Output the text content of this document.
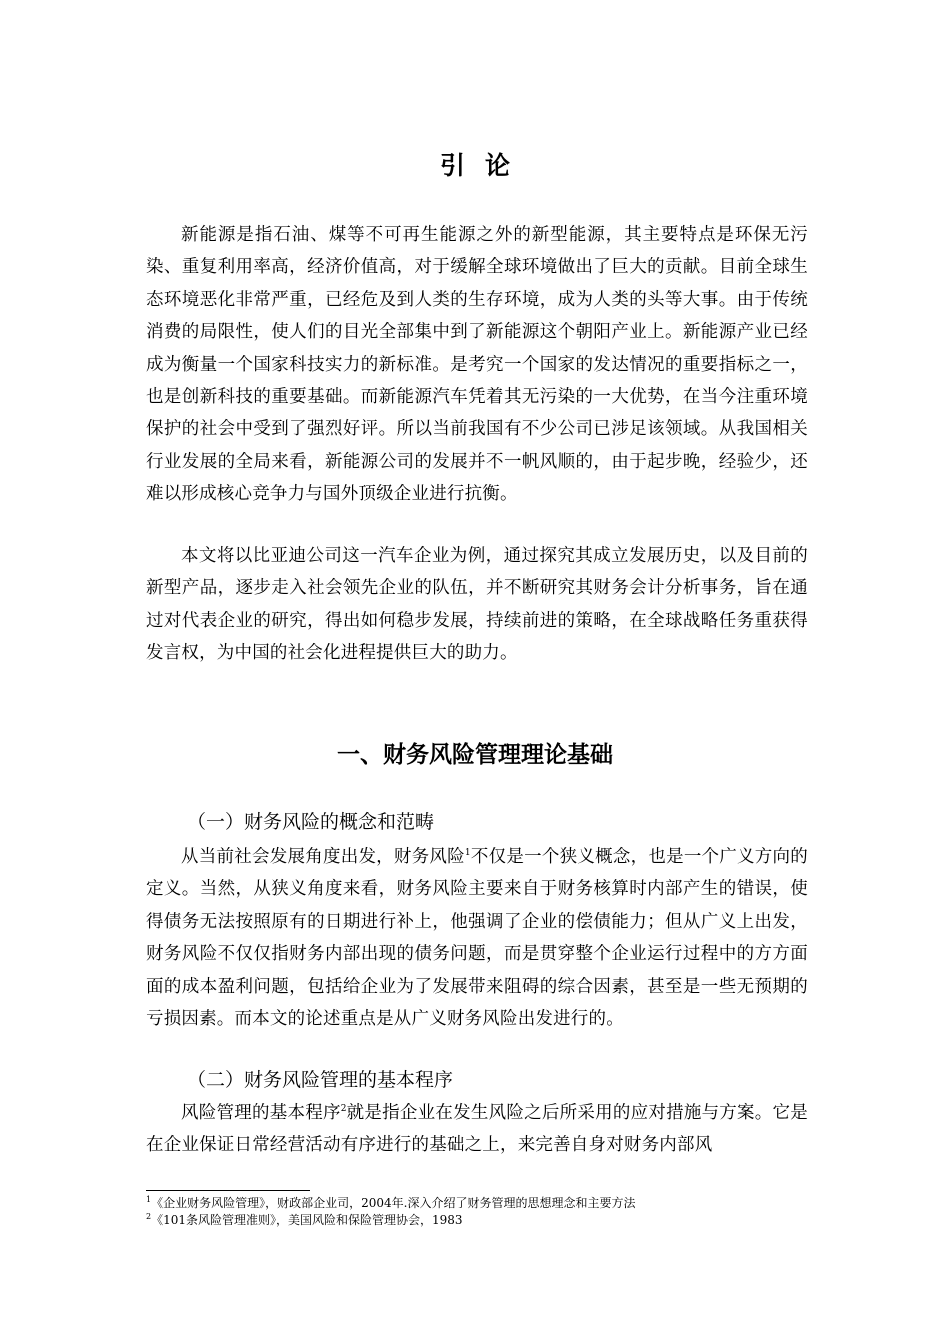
引论

新能源是指石油、煤等不可再生能源之外的新型能源，其主要特点是环保无污染、重复利用率高，经济价值高，对于缓解全球环境做出了巨大的贡献。目前全球生态环境恶化非常严重，已经危及到人类的生存环境，成为人类的头等大事。由于传统消费的局限性，使人们的目光全部集中到了新能源这个朝阳产业上。新能源产业已经成为衡量一个国家科技实力的新标准。是考究一个国家的发达情况的重要指标之一，也是创新科技的重要基础。而新能源汽车凭着其无污染的一大优势，在当今注重环境保护的社会中受到了强烈好评。所以当前我国有不少公司已涉足该领域。从我国相关行业发展的全局来看，新能源公司的发展并不一帆风顺的，由于起步晚，经验少，还难以形成核心竞争力与国外顶级企业进行抗衡。

本文将以比亚迪公司这一汽车企业为例，通过探究其成立发展历史，以及目前的新型产品，逐步走入社会领先企业的队伍，并不断研究其财务会计分析事务，旨在通过对代表企业的研究，得出如何稳步发展，持续前进的策略，在全球战略任务重获得发言权，为中国的社会化进程提供巨大的助力。

一、财务风险管理理论基础
（一）财务风险的概念和范畴

从当前社会发展角度出发，财务风险$^1$不仅是一个狭义概念，也是一个广义方向的定义。当然，从狭义角度来看，财务风险主要来自于财务核算时内部产生的错误，使得债务无法按照原有的日期进行补上，他强调了企业的偿债能力；但从广义上出发，财务风险不仅仅指财务内部出现的债务问题，而是贯穿整个企业运行过程中的方方面面的成本盈利问题，包括给企业为了发展带来阻碍的综合因素，甚至是一些无预期的亏损因素。而本文的论述重点是从广义财务风险出发进行的。

（二）财务风险管理的基本程序

风险管理的基本程序$^2$就是指企业在发生风险之后所采用的应对措施与方案。它是在企业保证日常经营活动有序进行的基础之上，来完善自身对财务内部风

$^1$《企业财务风险管理》，财政部企业司，2004年.深入介绍了财务管理的思想理念和主要方法

$^2$《101条风险管理准则》，美国风险和保险管理协会，1983
